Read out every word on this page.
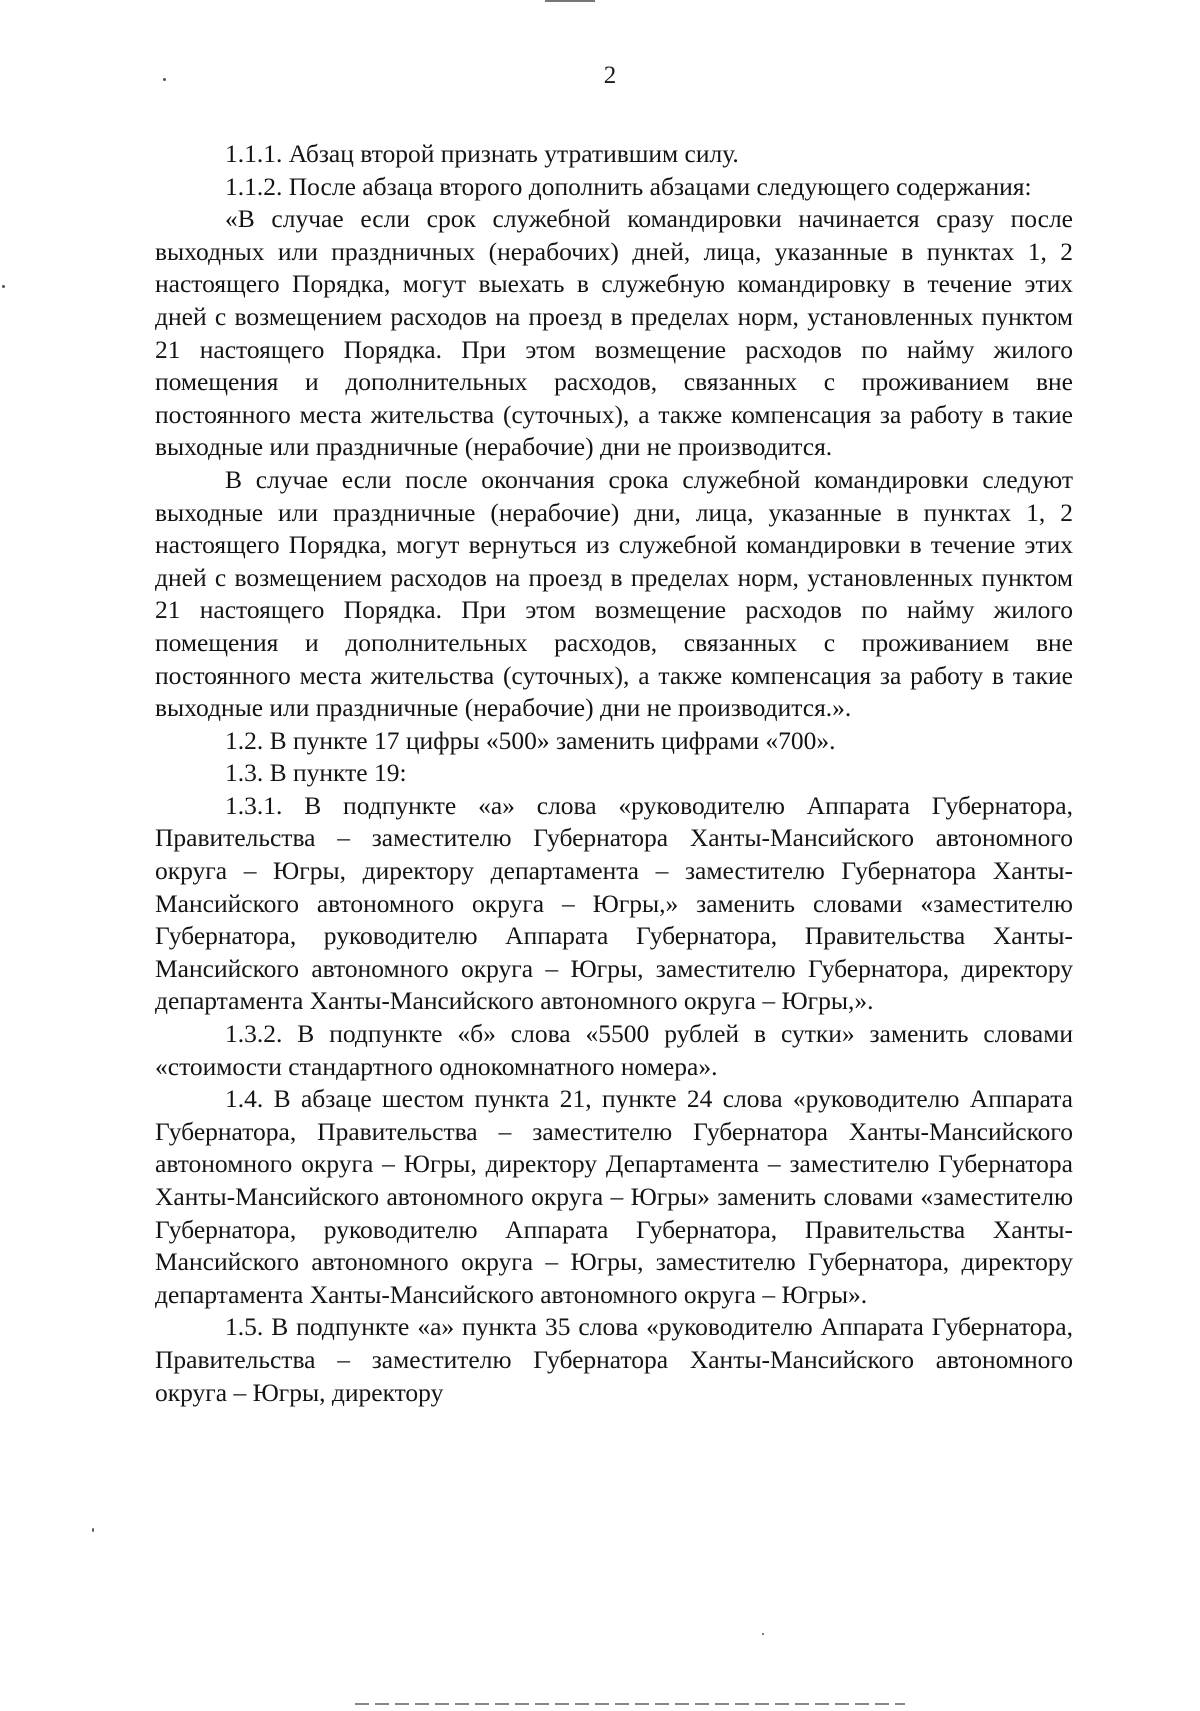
2

1.1.1. Абзац второй признать утратившим силу.

1.1.2. После абзаца второго дополнить абзацами следующего содержания:

«В случае если срок служебной командировки начинается сразу после выходных или праздничных (нерабочих) дней, лица, указанные в пунктах 1, 2 настоящего Порядка, могут выехать в служебную командировку в течение этих дней с возмещением расходов на проезд в пределах норм, установленных пунктом 21 настоящего Порядка. При этом возмещение расходов по найму жилого помещения и дополнительных расходов, связанных с проживанием вне постоянного места жительства (суточных), а также компенсация за работу в такие выходные или праздничные (нерабочие) дни не производится.

В случае если после окончания срока служебной командировки следуют выходные или праздничные (нерабочие) дни, лица, указанные в пунктах 1, 2 настоящего Порядка, могут вернуться из служебной командировки в течение этих дней с возмещением расходов на проезд в пределах норм, установленных пунктом 21 настоящего Порядка. При этом возмещение расходов по найму жилого помещения и дополнительных расходов, связанных с проживанием вне постоянного места жительства (суточных), а также компенсация за работу в такие выходные или праздничные (нерабочие) дни не производится.».

1.2. В пункте 17 цифры «500» заменить цифрами «700».

1.3. В пункте 19:

1.3.1. В подпункте «а» слова «руководителю Аппарата Губернатора, Правительства – заместителю Губернатора Ханты-Мансийского автономного округа – Югры, директору департамента – заместителю Губернатора Ханты-Мансийского автономного округа – Югры,» заменить словами «заместителю Губернатора, руководителю Аппарата Губернатора, Правительства Ханты-Мансийского автономного округа – Югры, заместителю Губернатора, директору департамента Ханты-Мансийского автономного округа – Югры,».

1.3.2. В подпункте «б» слова «5500 рублей в сутки» заменить словами «стоимости стандартного однокомнатного номера».

1.4. В абзаце шестом пункта 21, пункте 24 слова «руководителю Аппарата Губернатора, Правительства – заместителю Губернатора Ханты-Мансийского автономного округа – Югры, директору Департамента – заместителю Губернатора Ханты-Мансийского автономного округа – Югры» заменить словами «заместителю Губернатора, руководителю Аппарата Губернатора, Правительства Ханты-Мансийского автономного округа – Югры, заместителю Губернатора, директору департамента Ханты-Мансийского автономного округа – Югры».

1.5. В подпункте «а» пункта 35 слова «руководителю Аппарата Губернатора, Правительства – заместителю Губернатора Ханты-Мансийского автономного округа – Югры, директору
